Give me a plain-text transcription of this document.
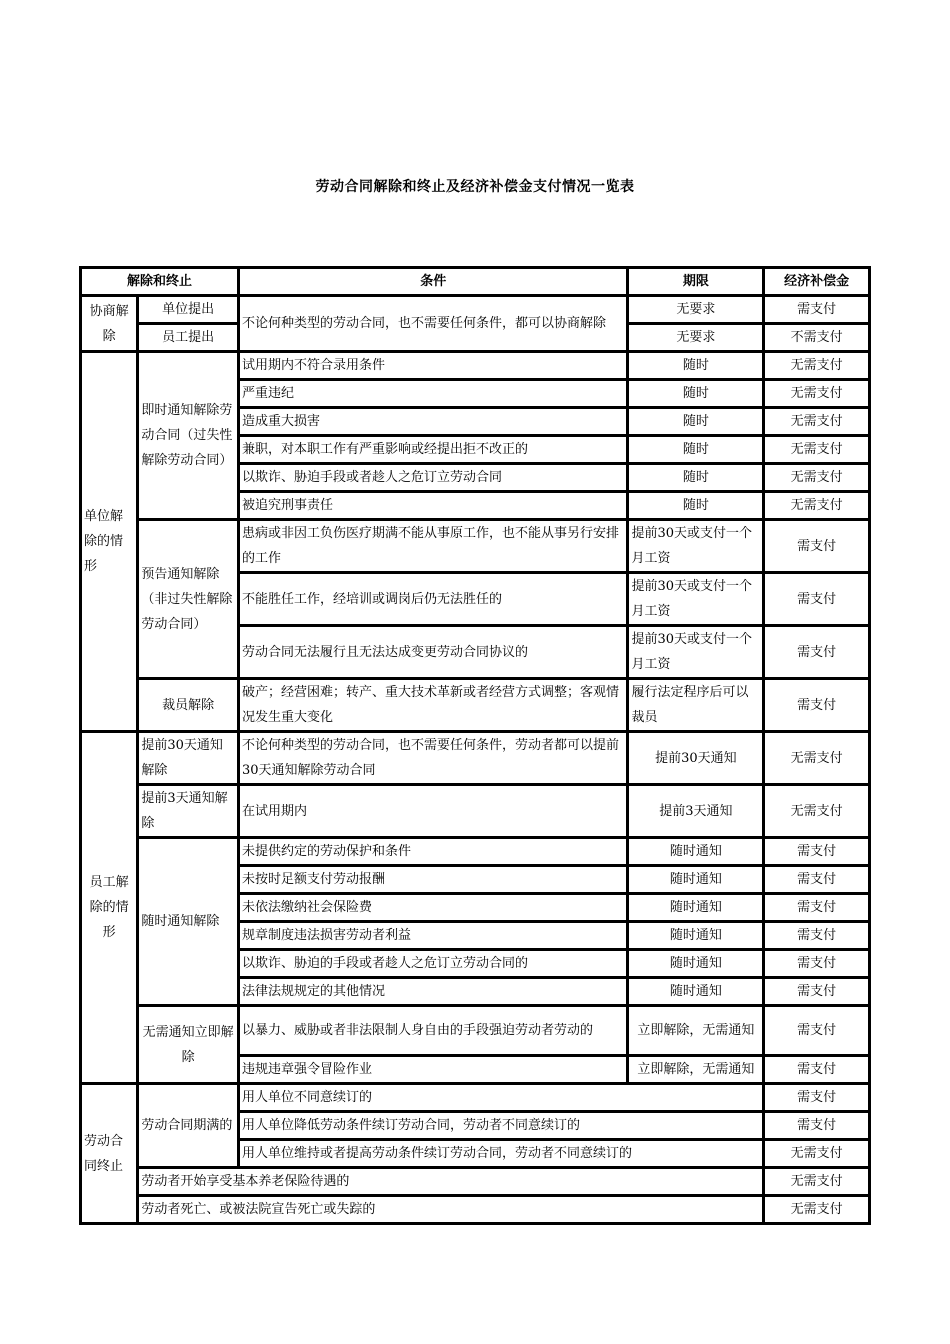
劳动合同解除和终止及经济补偿金支付情况一览表
解除和终止		条件	期限	经济补偿金
协商解除	单位提出	不论何种类型的劳动合同，也不需要任何条件，都可以协商解除	无要求	需支付
	员工提出		无要求	不需支付
单位解除的情形	即时通知解除劳动合同（过失性解除劳动合同）	试用期内不符合录用条件	随时	无需支付
		严重违纪	随时	无需支付
		造成重大损害	随时	无需支付
		兼职，对本职工作有严重影响或经提出拒不改正的	随时	无需支付
		以欺诈、胁迫手段或者趁人之危订立劳动合同	随时	无需支付
		被追究刑事责任	随时	无需支付
	预告通知解除（非过失性解除劳动合同）	患病或非因工负伤医疗期满不能从事原工作，也不能从事另行安排的工作	提前30天或支付一个月工资	需支付
		不能胜任工作，经培训或调岗后仍无法胜任的	提前30天或支付一个月工资	需支付
		劳动合同无法履行且无法达成变更劳动合同协议的	提前30天或支付一个月工资	需支付
	裁员解除	破产；经营困难；转产、重大技术革新或者经营方式调整；客观情况发生重大变化	履行法定程序后可以裁员	需支付
员工解除的情形	提前30天通知解除	不论何种类型的劳动合同，也不需要任何条件，劳动者都可以提前30天通知解除劳动合同	提前30天通知	无需支付
	提前3天通知解除	在试用期内	提前3天通知	无需支付
	随时通知解除	未提供约定的劳动保护和条件	随时通知	需支付
		未按时足额支付劳动报酬	随时通知	需支付
		未依法缴纳社会保险费	随时通知	需支付
		规章制度违法损害劳动者利益	随时通知	需支付
		以欺诈、胁迫的手段或者趁人之危订立劳动合同的	随时通知	需支付
		法律法规规定的其他情况	随时通知	需支付
	无需通知立即解除	以暴力、威胁或者非法限制人身自由的手段强迫劳动者劳动的	立即解除，无需通知	需支付
		违规违章强令冒险作业	立即解除，无需通知	需支付
劳动合同终止	劳动合同期满的	用人单位不同意续订的		需支付
		用人单位降低劳动条件续订劳动合同，劳动者不同意续订的		需支付
		用人单位维持或者提高劳动条件续订劳动合同，劳动者不同意续订的		无需支付
	劳动者开始享受基本养老保险待遇的			无需支付
	劳动者死亡、或被法院宣告死亡或失踪的			无需支付
